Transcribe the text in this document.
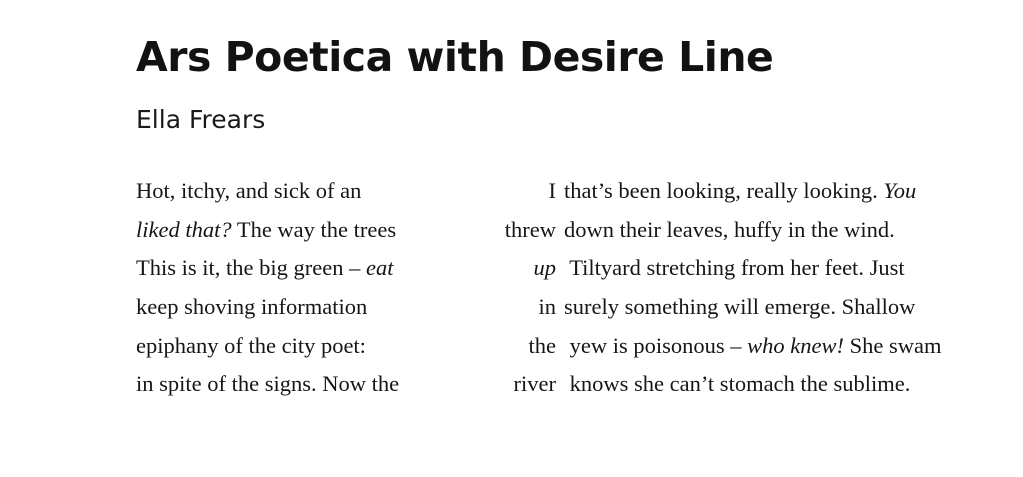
Ars Poetica with Desire Line
Ella Frears
Hot, itchy, and sick of an	I that’s been looking, really looking. You
liked that? The way the trees	threw down their leaves, huffy in the wind.
This is it, the big green – eat	up Tiltyard stretching from her feet. Just
keep shoving information	in surely something will emerge. Shallow
epiphany of the city poet:	the yew is poisonous – who knew! She swam
in spite of the signs. Now the	river knows she can’t stomach the sublime.
